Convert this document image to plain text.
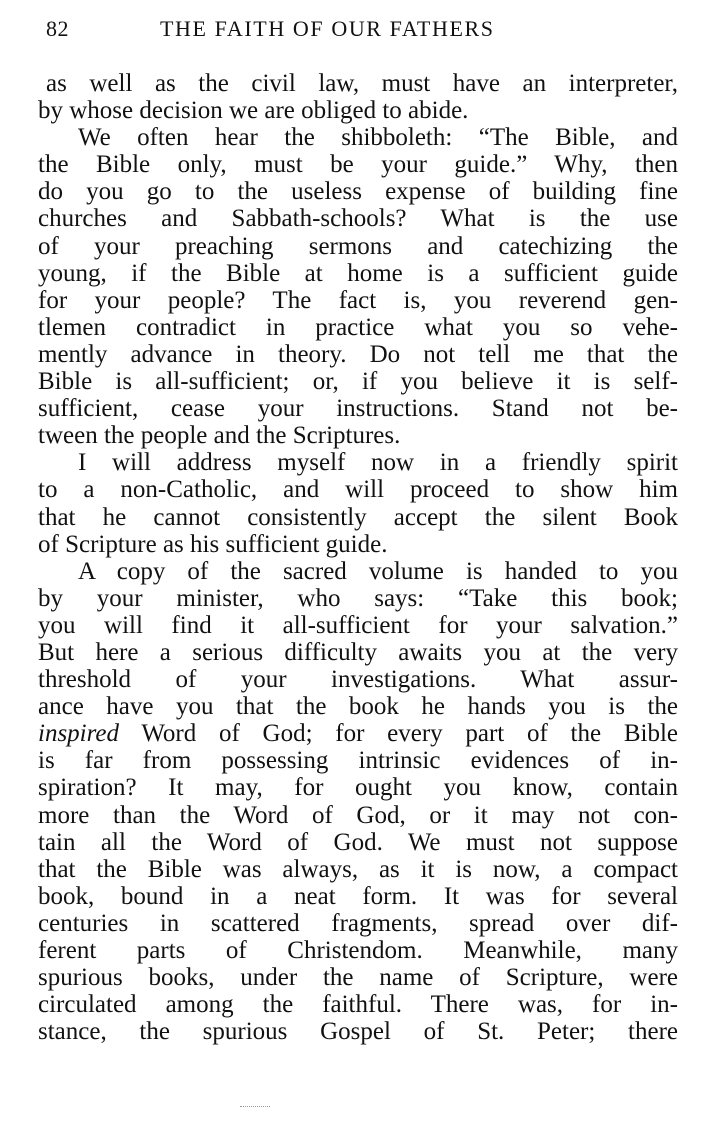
82	THE FAITH OF OUR FATHERS
as well as the civil law, must have an interpreter,
by whose decision we are obliged to abide.
We often hear the shibboleth: “The Bible, and
the Bible only, must be your guide.” Why, then
do you go to the useless expense of building fine
churches and Sabbath-schools? What is the use
of your preaching sermons and catechizing the
young, if the Bible at home is a sufficient guide
for your people? The fact is, you reverend gen-
tlemen contradict in practice what you so vehe-
mently advance in theory. Do not tell me that the
Bible is all-sufficient; or, if you believe it is self-
sufficient, cease your instructions. Stand not be-
tween the people and the Scriptures.
I will address myself now in a friendly spirit
to a non-Catholic, and will proceed to show him
that he cannot consistently accept the silent Book
of Scripture as his sufficient guide.
A copy of the sacred volume is handed to you
by your minister, who says: “Take this book;
you will find it all-sufficient for your salvation.”
But here a serious difficulty awaits you at the very
threshold of your investigations. What assur-
ance have you that the book he hands you is the
inspired Word of God; for every part of the Bible
is far from possessing intrinsic evidences of in-
spiration? It may, for ought you know, contain
more than the Word of God, or it may not con-
tain all the Word of God. We must not suppose
that the Bible was always, as it is now, a compact
book, bound in a neat form. It was for several
centuries in scattered fragments, spread over dif-
ferent parts of Christendom. Meanwhile, many
spurious books, under the name of Scripture, were
circulated among the faithful. There was, for in-
stance, the spurious Gospel of St. Peter; there
